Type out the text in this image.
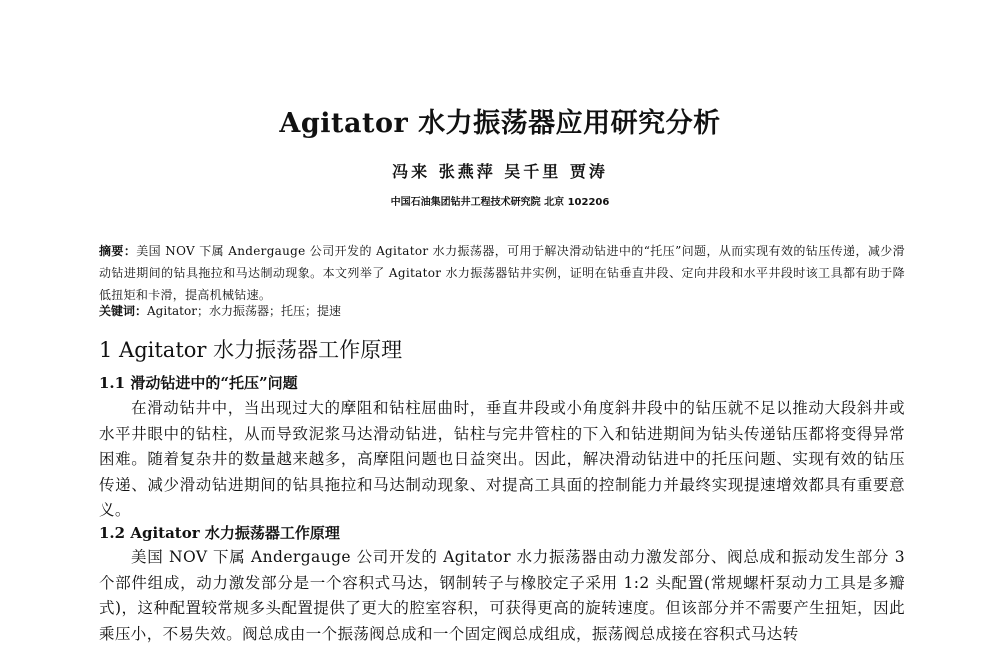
Agitator 水力振荡器应用研究分析
冯来 张燕萍 吴千里 贾涛
中国石油集团钻井工程技术研究院 北京 102206
摘要：美国 NOV 下属 Andergauge 公司开发的 Agitator 水力振荡器，可用于解决滑动钻进中的“托压”问题，从而实现有效的钻压传递，减少滑动钻进期间的钻具拖拉和马达制动现象。本文列举了 Agitator 水力振荡器钻井实例，证明在钻垂直井段、定向井段和水平井段时该工具都有助于降低扭矩和卡滑，提高机械钻速。
关键词：Agitator；水力振荡器；托压；提速
1 Agitator 水力振荡器工作原理
1.1 滑动钻进中的“托压”问题
在滑动钻井中，当出现过大的摩阻和钻柱屈曲时，垂直井段或小角度斜井段中的钻压就不足以推动大段斜井或水平井眼中的钻柱，从而导致泥浆马达滑动钻进，钻柱与完井管柱的下入和钻进期间为钻头传递钻压都将变得异常困难。随着复杂井的数量越来越多，高摩阻问题也日益突出。因此，解决滑动钻进中的托压问题、实现有效的钻压传递、减少滑动钻进期间的钻具拖拉和马达制动现象、对提高工具面的控制能力并最终实现提速增效都具有重要意义。
1.2 Agitator 水力振荡器工作原理
美国 NOV 下属 Andergauge 公司开发的 Agitator 水力振荡器由动力激发部分、阀总成和振动发生部分 3 个部件组成，动力激发部分是一个容积式马达，钢制转子与橡胶定子采用 1:2 头配置(常规螺杆泵动力工具是多瓣式)，这种配置较常规多头配置提供了更大的腔室容积，可获得更高的旋转速度。但该部分并不需要产生扭矩，因此乘压小，不易失效。阀总成由一个振荡阀总成和一个固定阀总成组成，振荡阀总成接在容积式马达转
